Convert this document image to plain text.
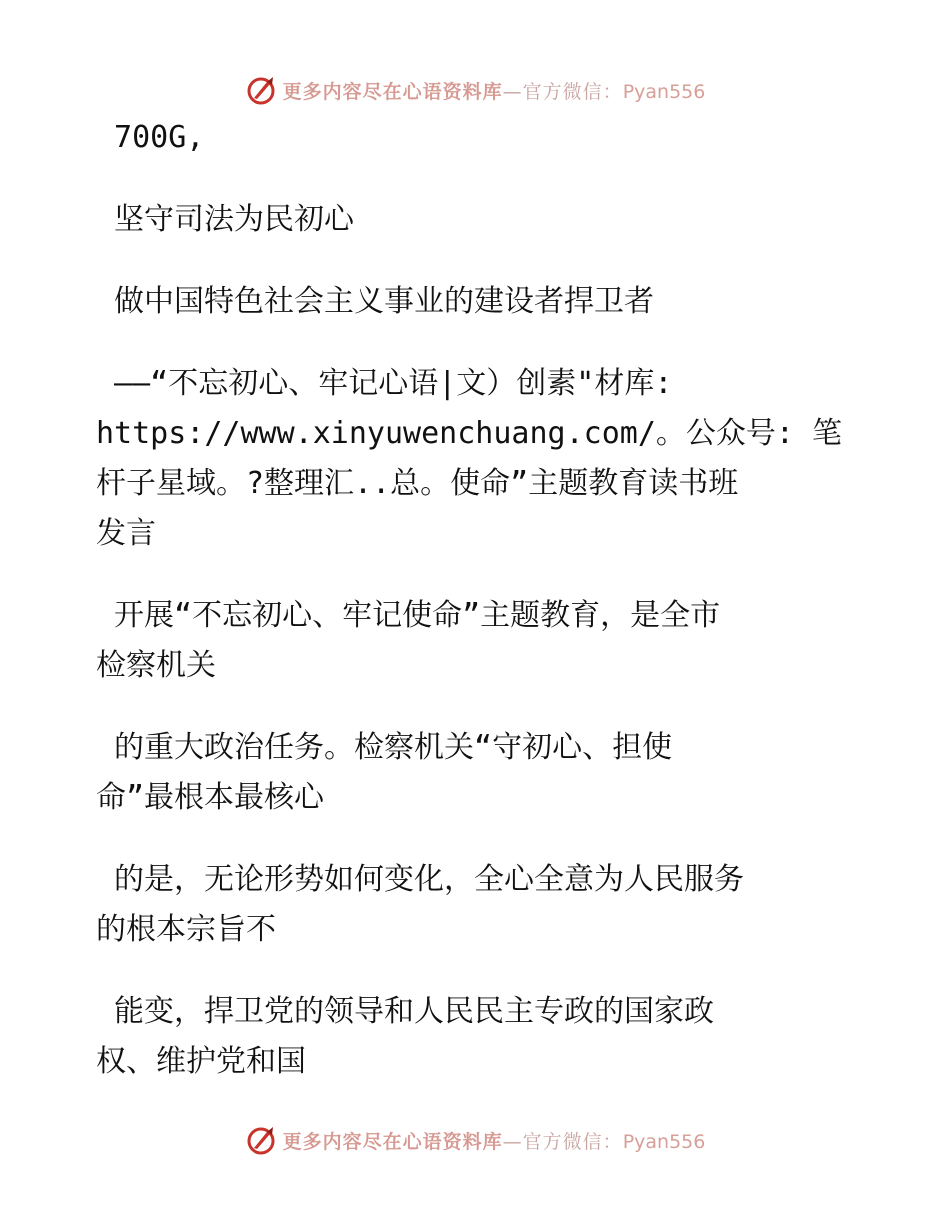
更多内容尽在心语资料库—官方微信：Pyan556

700G,

坚守司法为民初心

做中国特色社会主义事业的建设者捍卫者

——“不忘初心、牢记心语|文）创素"材库:

https://www.xinyuwenchuang.com/。公众号: 笔

杆子星域。?整理汇..总。使命”主题教育读书班

发言

开展“不忘初心、牢记使命”主题教育，是全市

检察机关

的重大政治任务。检察机关“守初心、担使

命”最根本最核心

的是，无论形势如何变化，全心全意为人民服务

的根本宗旨不

能变，捍卫党的领导和人民民主专政的国家政

权、维护党和国

更多内容尽在心语资料库—官方微信：Pyan556
